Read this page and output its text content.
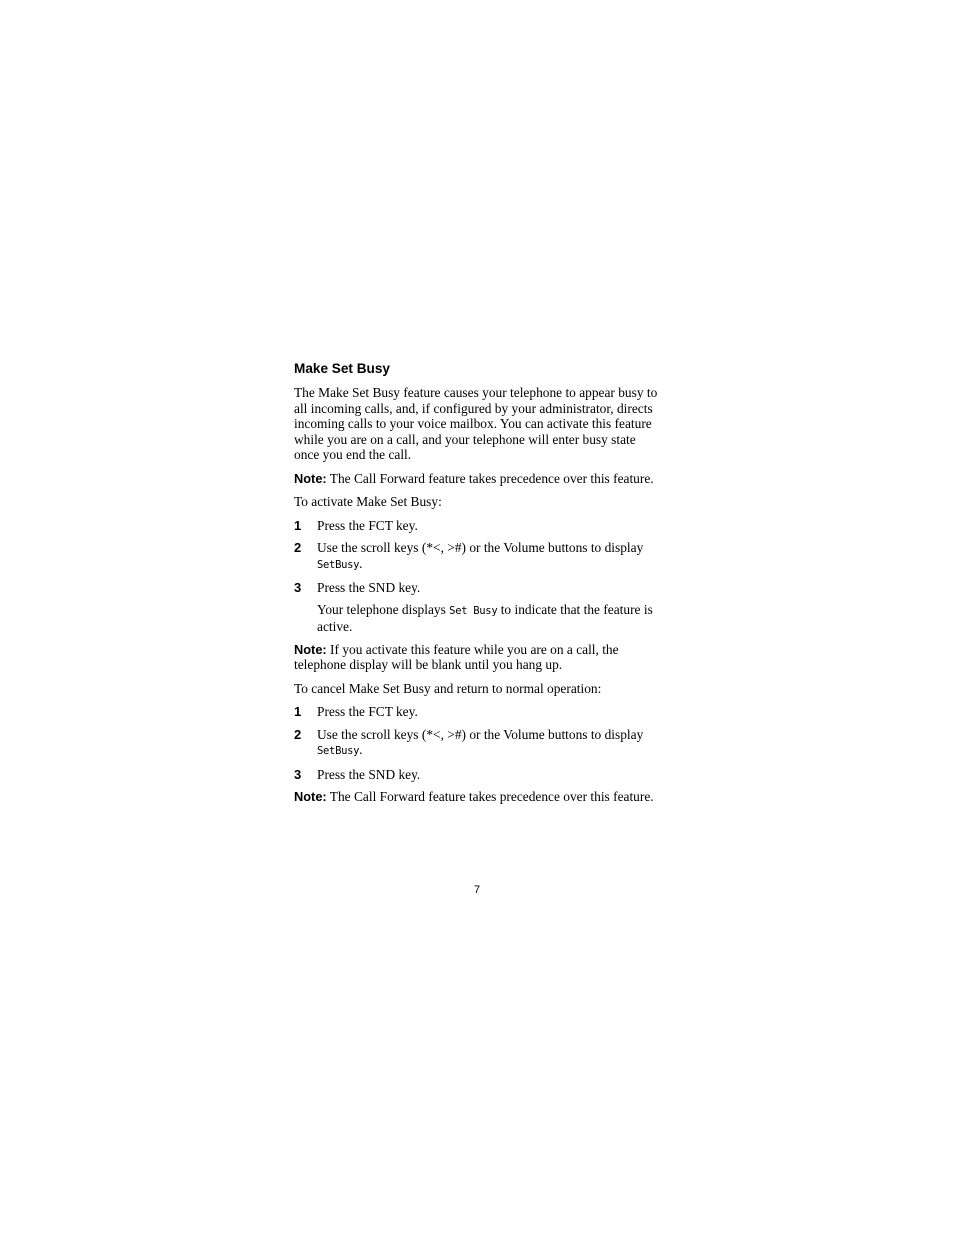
Make Set Busy

The Make Set Busy feature causes your telephone to appear busy to all incoming calls, and, if configured by your administrator, directs incoming calls to your voice mailbox. You can activate this feature while you are on a call, and your telephone will enter busy state once you end the call.

Note: The Call Forward feature takes precedence over this feature.

To activate Make Set Busy:

1 Press the FCT key.
2 Use the scroll keys (*<, >#) or the Volume buttons to display SetBusy.
3 Press the SND key.

Your telephone displays Set Busy to indicate that the feature is active.

Note: If you activate this feature while you are on a call, the telephone display will be blank until you hang up.

To cancel Make Set Busy and return to normal operation:

1 Press the FCT key.
2 Use the scroll keys (*<, >#) or the Volume buttons to display SetBusy.
3 Press the SND key.

Note: The Call Forward feature takes precedence over this feature.

7
